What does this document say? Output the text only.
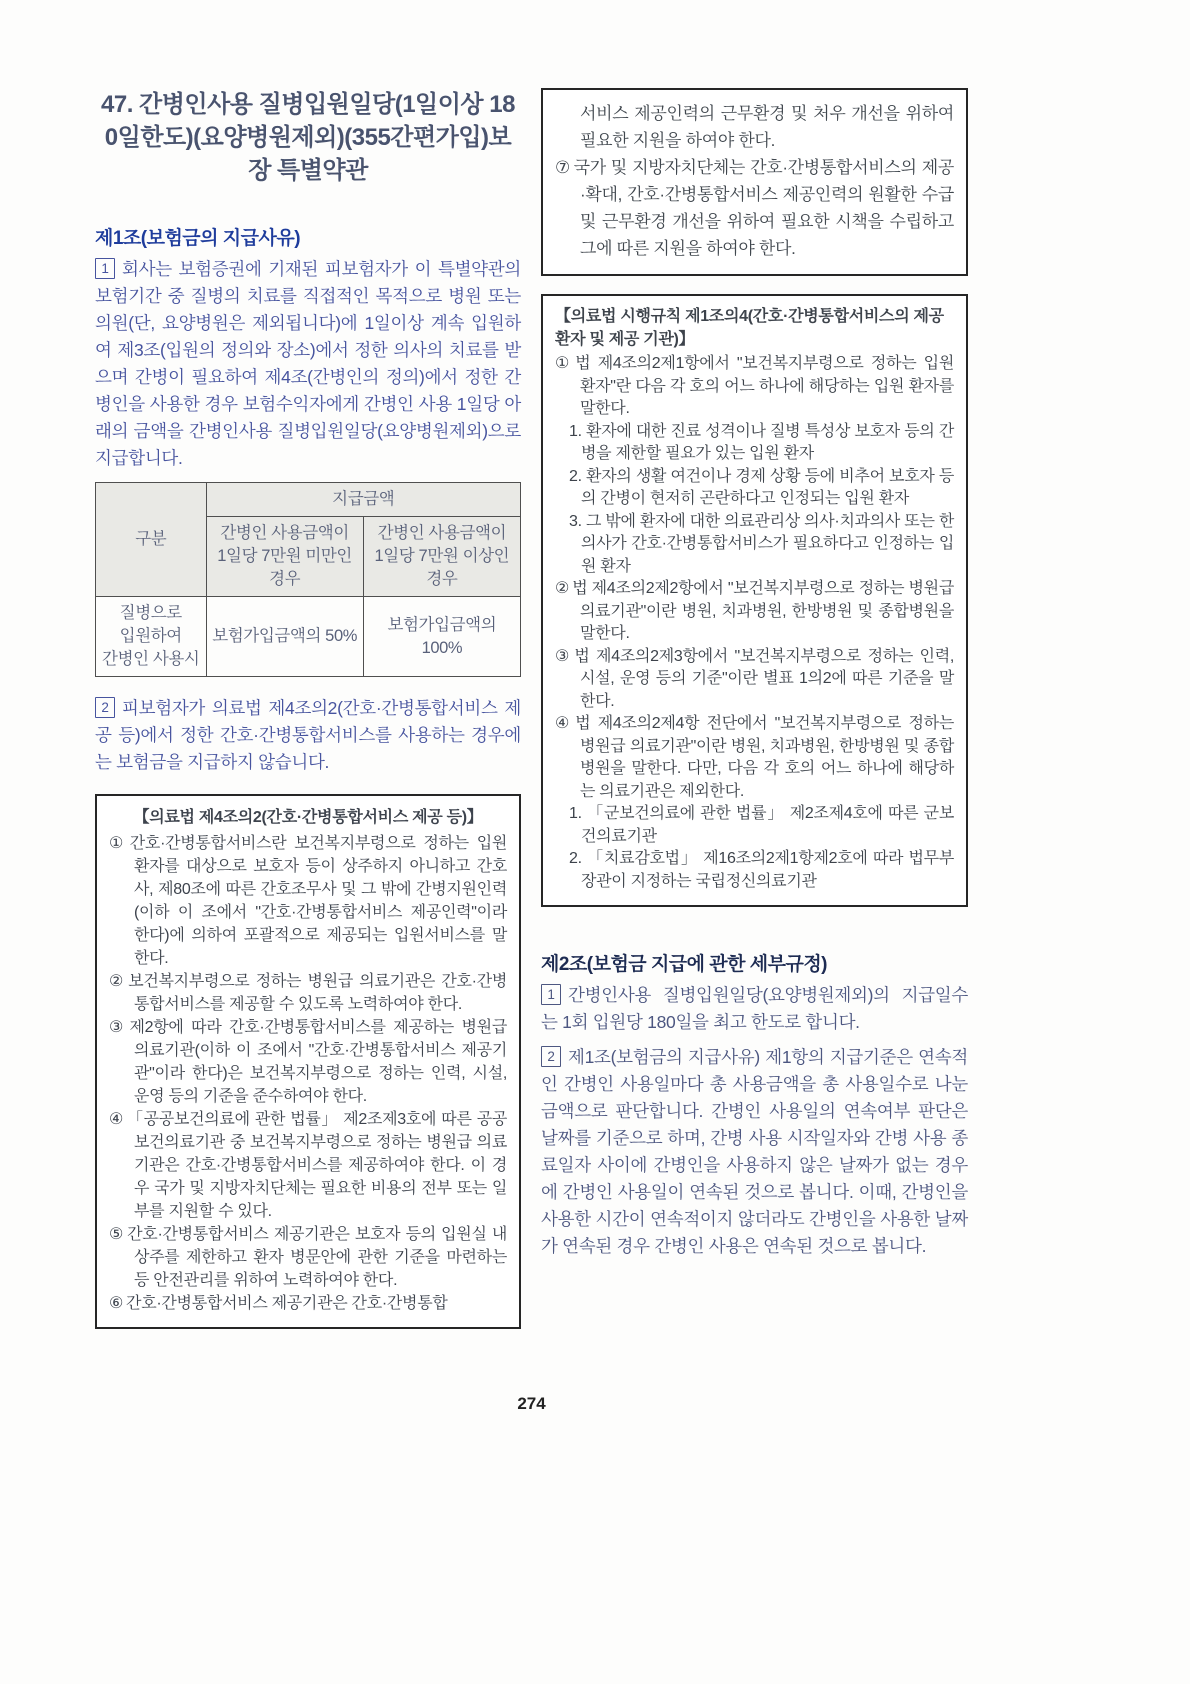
47. 간병인사용 질병입원일당(1일이상 180일한도)(요양병원제외)(355간편가입)보장 특별약관
제1조(보험금의 지급사유)

1 회사는 보험증권에 기재된 피보험자가 이 특별약관의 보험기간 중 질병의 치료를 직접적인 목적으로 병원 또는 의원(단, 요양병원은 제외됩니다)에 1일이상 계속 입원하여 제3조(입원의 정의와 장소)에서 정한 의사의 치료를 받으며 간병이 필요하여 제4조(간병인의 정의)에서 정한 간병인을 사용한 경우 보험수익자에게 간병인 사용 1일당 아래의 금액을 간병인사용 질병입원일당(요양병원제외)으로 지급합니다.

구분	지급금액	
	간병인 사용금액이 1일당 7만원 미만인 경우	간병인 사용금액이 1일당 7만원 이상인 경우
질병으로 입원하여 간병인 사용시	보험가입금액의 50%	보험가입금액의 100%

2 피보험자가 의료법 제4조의2(간호·간병통합서비스 제공 등)에서 정한 간호·간병통합서비스를 사용하는 경우에는 보험금을 지급하지 않습니다.

【의료법 제4조의2(간호·간병통합서비스 제공 등)】
① 간호·간병통합서비스란 보건복지부령으로 정하는 입원 환자를 대상으로 보호자 등이 상주하지 아니하고 간호사, 제80조에 따른 간호조무사 및 그 밖에 간병지원인력(이하 이 조에서 "간호·간병통합서비스 제공인력"이라 한다)에 의하여 포괄적으로 제공되는 입원서비스를 말한다.
② 보건복지부령으로 정하는 병원급 의료기관은 간호·간병통합서비스를 제공할 수 있도록 노력하여야 한다.
③ 제2항에 따라 간호·간병통합서비스를 제공하는 병원급 의료기관(이하 이 조에서 "간호·간병통합서비스 제공기관"이라 한다)은 보건복지부령으로 정하는 인력, 시설, 운영 등의 기준을 준수하여야 한다.
④ 「공공보건의료에 관한 법률」 제2조제3호에 따른 공공보건의료기관 중 보건복지부령으로 정하는 병원급 의료기관은 간호·간병통합서비스를 제공하여야 한다. 이 경우 국가 및 지방자치단체는 필요한 비용의 전부 또는 일부를 지원할 수 있다.
⑤ 간호·간병통합서비스 제공기관은 보호자 등의 입원실 내 상주를 제한하고 환자 병문안에 관한 기준을 마련하는 등 안전관리를 위하여 노력하여야 한다.
⑥ 간호·간병통합서비스 제공기관은 간호·간병통합
서비스 제공인력의 근무환경 및 처우 개선을 위하여 필요한 지원을 하여야 한다.
⑦ 국가 및 지방자치단체는 간호·간병통합서비스의 제공·확대, 간호·간병통합서비스 제공인력의 원활한 수급 및 근무환경 개선을 위하여 필요한 시책을 수립하고 그에 따른 지원을 하여야 한다.
【의료법 시행규칙 제1조의4(간호·간병통합서비스의 제공 환자 및 제공 기관)】
① 법 제4조의2제1항에서 "보건복지부령으로 정하는 입원 환자"란 다음 각 호의 어느 하나에 해당하는 입원 환자를 말한다.
1. 환자에 대한 진료 성격이나 질병 특성상 보호자 등의 간병을 제한할 필요가 있는 입원 환자
2. 환자의 생활 여건이나 경제 상황 등에 비추어 보호자 등의 간병이 현저히 곤란하다고 인정되는 입원 환자
3. 그 밖에 환자에 대한 의료관리상 의사·치과의사 또는 한의사가 간호·간병통합서비스가 필요하다고 인정하는 입원 환자
② 법 제4조의2제2항에서 "보건복지부령으로 정하는 병원급 의료기관"이란 병원, 치과병원, 한방병원 및 종합병원을 말한다.
③ 법 제4조의2제3항에서 "보건복지부령으로 정하는 인력, 시설, 운영 등의 기준"이란 별표 1의2에 따른 기준을 말한다.
④ 법 제4조의2제4항 전단에서 "보건복지부령으로 정하는 병원급 의료기관"이란 병원, 치과병원, 한방병원 및 종합병원을 말한다. 다만, 다음 각 호의 어느 하나에 해당하는 의료기관은 제외한다.
1. 「군보건의료에 관한 법률」 제2조제4호에 따른 군보건의료기관
2. 「치료감호법」 제16조의2제1항제2호에 따라 법무부장관이 지정하는 국립정신의료기관
제2조(보험금 지급에 관한 세부규정)

1 간병인사용 질병입원일당(요양병원제외)의 지급일수는 1회 입원당 180일을 최고 한도로 합니다.

2 제1조(보험금의 지급사유) 제1항의 지급기준은 연속적인 간병인 사용일마다 총 사용금액을 총 사용일수로 나눈 금액으로 판단합니다. 간병인 사용일의 연속여부 판단은 날짜를 기준으로 하며, 간병 사용 시작일자와 간병 사용 종료일자 사이에 간병인을 사용하지 않은 날짜가 없는 경우에 간병인 사용일이 연속된 것으로 봅니다. 이때, 간병인을 사용한 시간이 연속적이지 않더라도 간병인을 사용한 날짜가 연속된 경우 간병인 사용은 연속된 것으로 봅니다.

274
